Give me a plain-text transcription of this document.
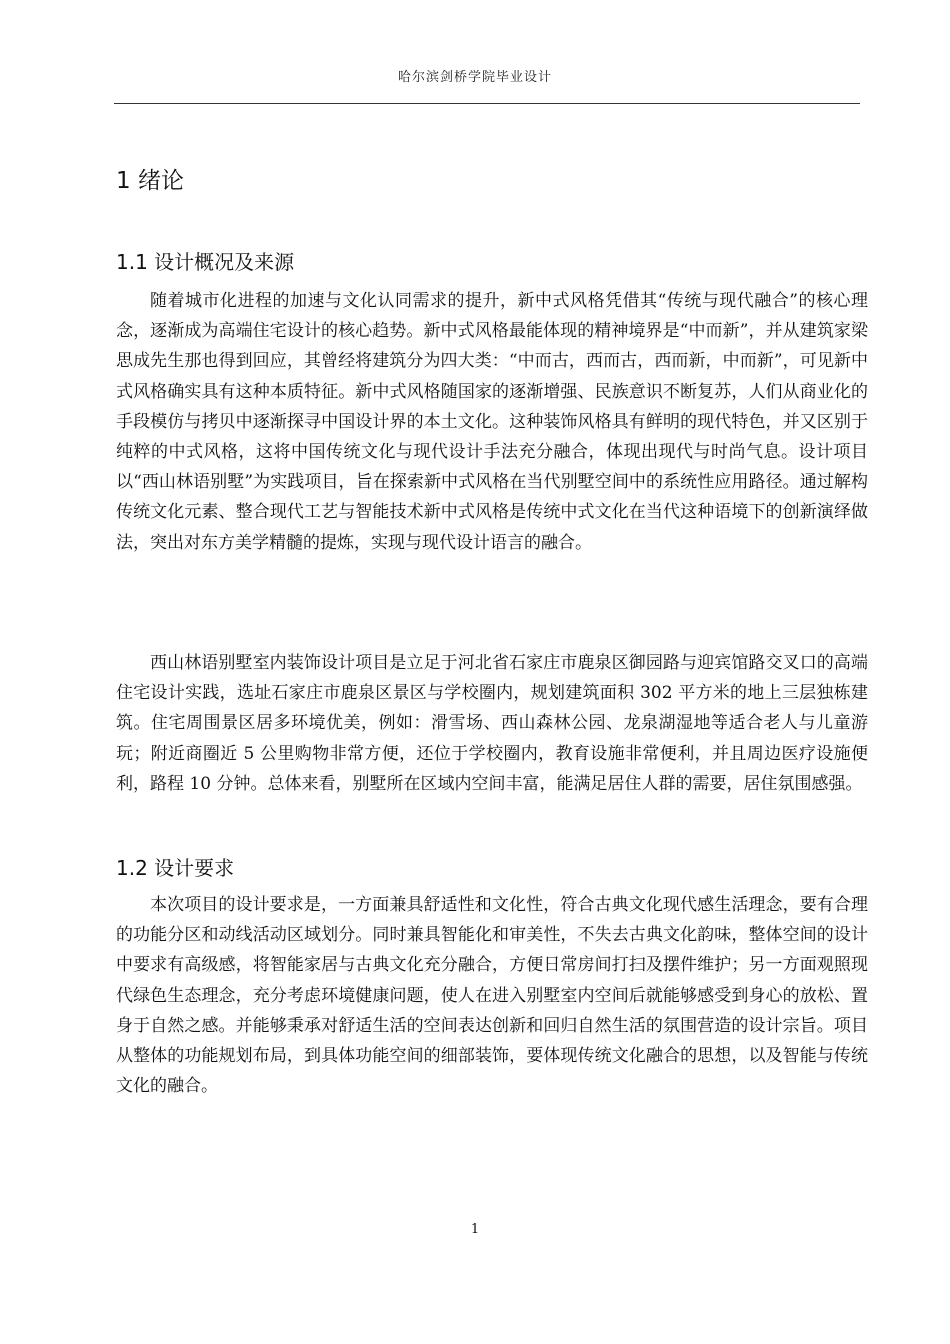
哈尔滨剑桥学院毕业设计
1 绪论
1.1 设计概况及来源

随着城市化进程的加速与文化认同需求的提升，新中式风格凭借其“传统与现代融合”的核心理念，逐渐成为高端住宅设计的核心趋势。新中式风格最能体现的精神境界是“中而新”，并从建筑家梁思成先生那也得到回应，其曾经将建筑分为四大类：“中而古，西而古，西而新，中而新”，可见新中式风格确实具有这种本质特征。新中式风格随国家的逐渐增强、民族意识不断复苏，人们从商业化的手段模仿与拷贝中逐渐探寻中国设计界的本土文化。这种装饰风格具有鲜明的现代特色，并又区别于纯粹的中式风格，这将中国传统文化与现代设计手法充分融合，体现出现代与时尚气息。设计项目以“西山林语别墅”为实践项目，旨在探索新中式风格在当代别墅空间中的系统性应用路径。通过解构传统文化元素、整合现代工艺与智能技术新中式风格是传统中式文化在当代这种语境下的创新演绎做法，突出对东方美学精髓的提炼，实现与现代设计语言的融合。

西山林语别墅室内装饰设计项目是立足于河北省石家庄市鹿泉区御园路与迎宾馆路交叉口的高端住宅设计实践，选址石家庄市鹿泉区景区与学校圈内，规划建筑面积 302 平方米的地上三层独栋建筑。住宅周围景区居多环境优美，例如：滑雪场、西山森林公园、龙泉湖湿地等适合老人与儿童游玩；附近商圈近 5 公里购物非常方便，还位于学校圈内，教育设施非常便利，并且周边医疗设施便利，路程 10 分钟。总体来看，别墅所在区域内空间丰富，能满足居住人群的需要，居住氛围感强。

1.2 设计要求

本次项目的设计要求是，一方面兼具舒适性和文化性，符合古典文化现代感生活理念，要有合理的功能分区和动线活动区域划分。同时兼具智能化和审美性，不失去古典文化韵味，整体空间的设计中要求有高级感，将智能家居与古典文化充分融合，方便日常房间打扫及摆件维护；另一方面观照现代绿色生态理念，充分考虑环境健康问题，使人在进入别墅室内空间后就能够感受到身心的放松、置身于自然之感。并能够秉承对舒适生活的空间表达创新和回归自然生活的氛围营造的设计宗旨。项目从整体的功能规划布局，到具体功能空间的细部装饰，要体现传统文化融合的思想，以及智能与传统文化的融合。

1
